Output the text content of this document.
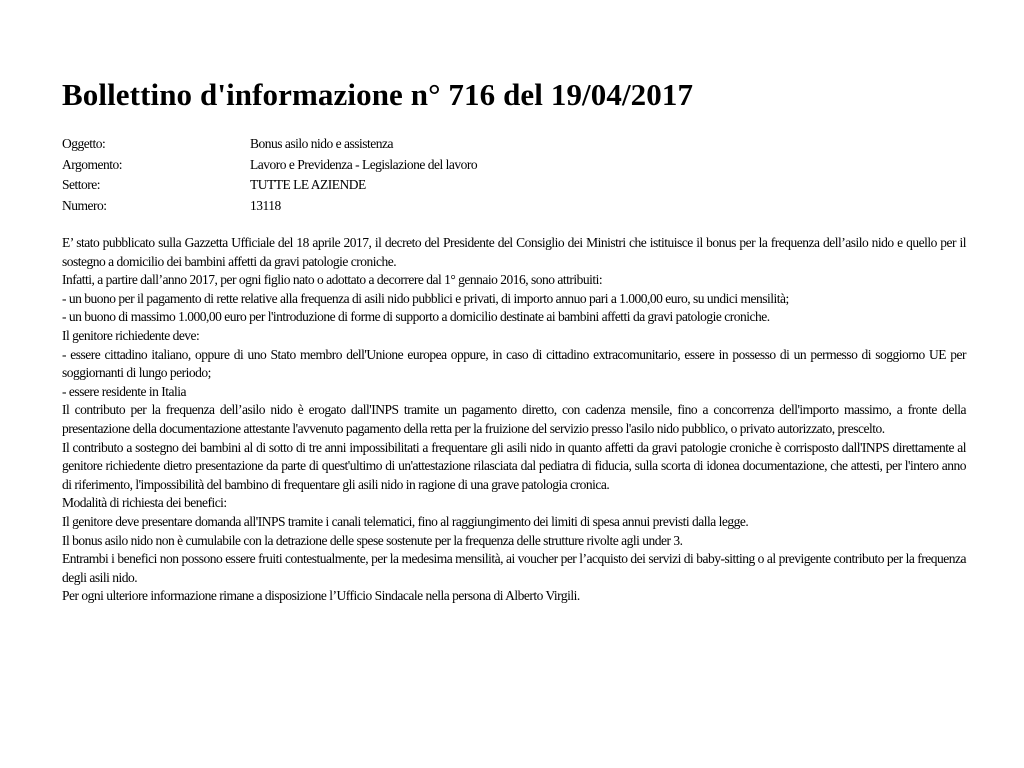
Bollettino d'informazione n° 716 del 19/04/2017
Oggetto:	Bonus asilo nido e assistenza
Argomento:	Lavoro e Previdenza - Legislazione del lavoro
Settore:	TUTTE LE AZIENDE
Numero:	13118

E’ stato pubblicato sulla Gazzetta Ufficiale del 18 aprile 2017, il decreto del Presidente del Consiglio dei Ministri che istituisce il bonus per la frequenza dell’asilo nido e quello per il sostegno a domicilio dei bambini affetti da gravi patologie croniche.

Infatti, a partire dall’anno 2017, per ogni figlio nato o adottato a decorrere dal 1° gennaio 2016, sono attribuiti:

- un buono per il pagamento di rette relative alla frequenza di asili nido pubblici e privati, di importo annuo pari a 1.000,00 euro, su undici mensilità;

- un buono di massimo 1.000,00 euro per l'introduzione di forme di supporto a domicilio destinate ai bambini affetti da gravi patologie croniche.

Il genitore richiedente deve:

- essere cittadino italiano, oppure di uno Stato membro dell'Unione europea oppure, in caso di cittadino extracomunitario, essere in possesso di un permesso di soggiorno UE per soggiornanti di lungo periodo;

- essere residente in Italia

Il contributo per la frequenza dell’asilo nido è erogato dall'INPS tramite un pagamento diretto, con cadenza mensile, fino a concorrenza dell'importo massimo, a fronte della presentazione della documentazione attestante l'avvenuto pagamento della retta per la fruizione del servizio presso l'asilo nido pubblico, o privato autorizzato, prescelto.

Il contributo a sostegno dei bambini al di sotto di tre anni impossibilitati a frequentare gli asili nido in quanto affetti da gravi patologie croniche è corrisposto dall'INPS direttamente al genitore richiedente dietro presentazione da parte di quest'ultimo di un'attestazione rilasciata dal pediatra di fiducia, sulla scorta di idonea documentazione, che attesti, per l'intero anno di riferimento, l'impossibilità del bambino di frequentare gli asili nido in ragione di una grave patologia cronica.

Modalità di richiesta dei benefici:

Il genitore deve presentare domanda all'INPS tramite i canali telematici, fino al raggiungimento dei limiti di spesa annui previsti dalla legge.

Il bonus asilo nido non è cumulabile con la detrazione delle spese sostenute per la frequenza delle strutture rivolte agli under 3.

Entrambi i benefici non possono essere fruiti contestualmente, per la medesima mensilità, ai voucher per l’acquisto dei servizi di baby-sitting o al previgente contributo per la frequenza degli asili nido.

Per ogni ulteriore informazione rimane a disposizione l’Ufficio Sindacale nella persona di Alberto Virgili.
